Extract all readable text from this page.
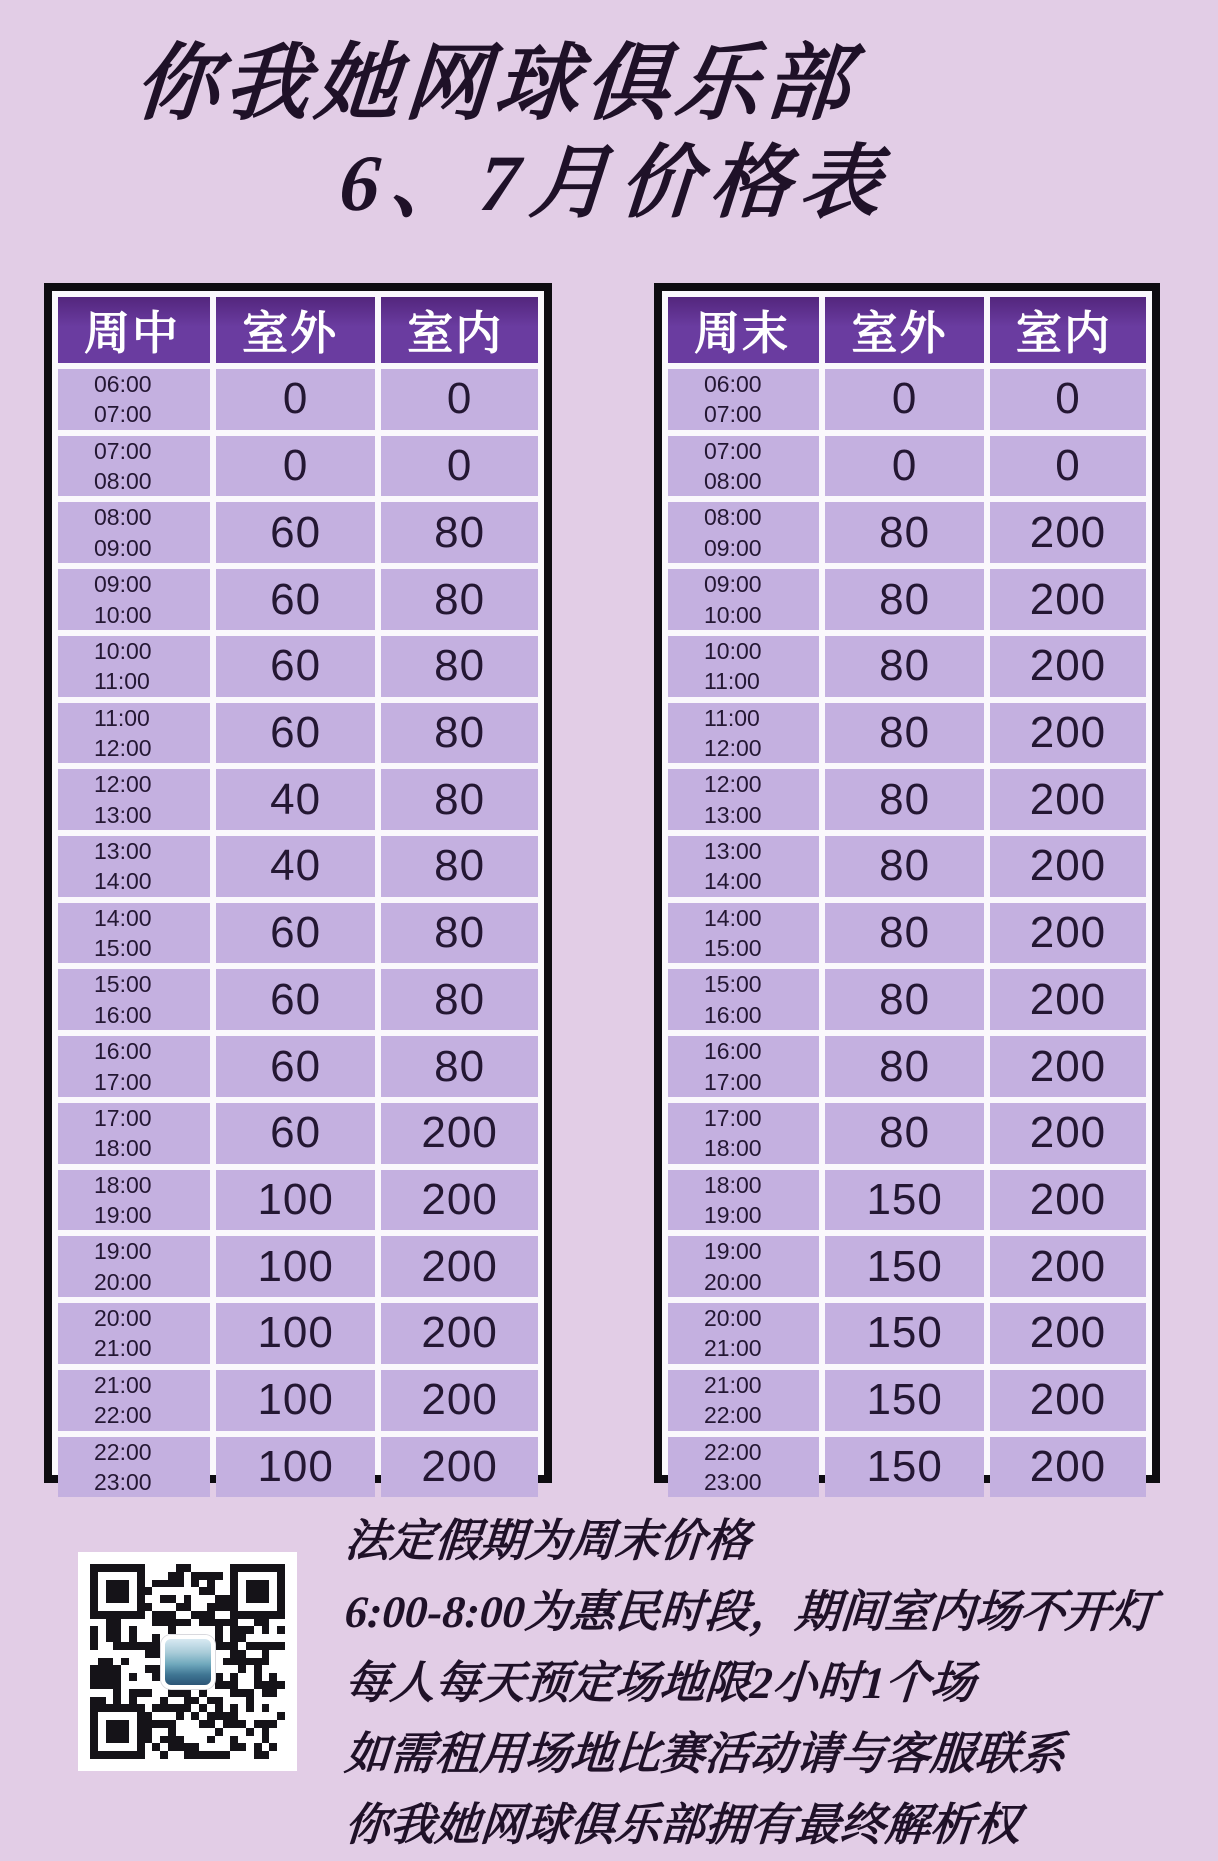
你我她网球俱乐部
6、7月价格表
周中	室外	室内

06:00
07:00	0	0

07:00
08:00	0	0

08:00
09:00	60	80

09:00
10:00	60	80

10:00
11:00	60	80

11:00
12:00	60	80

12:00
13:00	40	80

13:00
14:00	40	80

14:00
15:00	60	80

15:00
16:00	60	80

16:00
17:00	60	80

17:00
18:00	60	200

18:00
19:00	100	200

19:00
20:00	100	200

20:00
21:00	100	200

21:00
22:00	100	200

22:00
23:00	100	200
周末	室外	室内

06:00
07:00	0	0

07:00
08:00	0	0

08:00
09:00	80	200

09:00
10:00	80	200

10:00
11:00	80	200

11:00
12:00	80	200

12:00
13:00	80	200

13:00
14:00	80	200

14:00
15:00	80	200

15:00
16:00	80	200

16:00
17:00	80	200

17:00
18:00	80	200

18:00
19:00	150	200

19:00
20:00	150	200

20:00
21:00	150	200

21:00
22:00	150	200

22:00
23:00	150	200
法定假期为周末价格
6:00-8:00为惠民时段，期间室内场不开灯
每人每天预定场地限2小时1个场
如需租用场地比赛活动请与客服联系
你我她网球俱乐部拥有最终解析权
